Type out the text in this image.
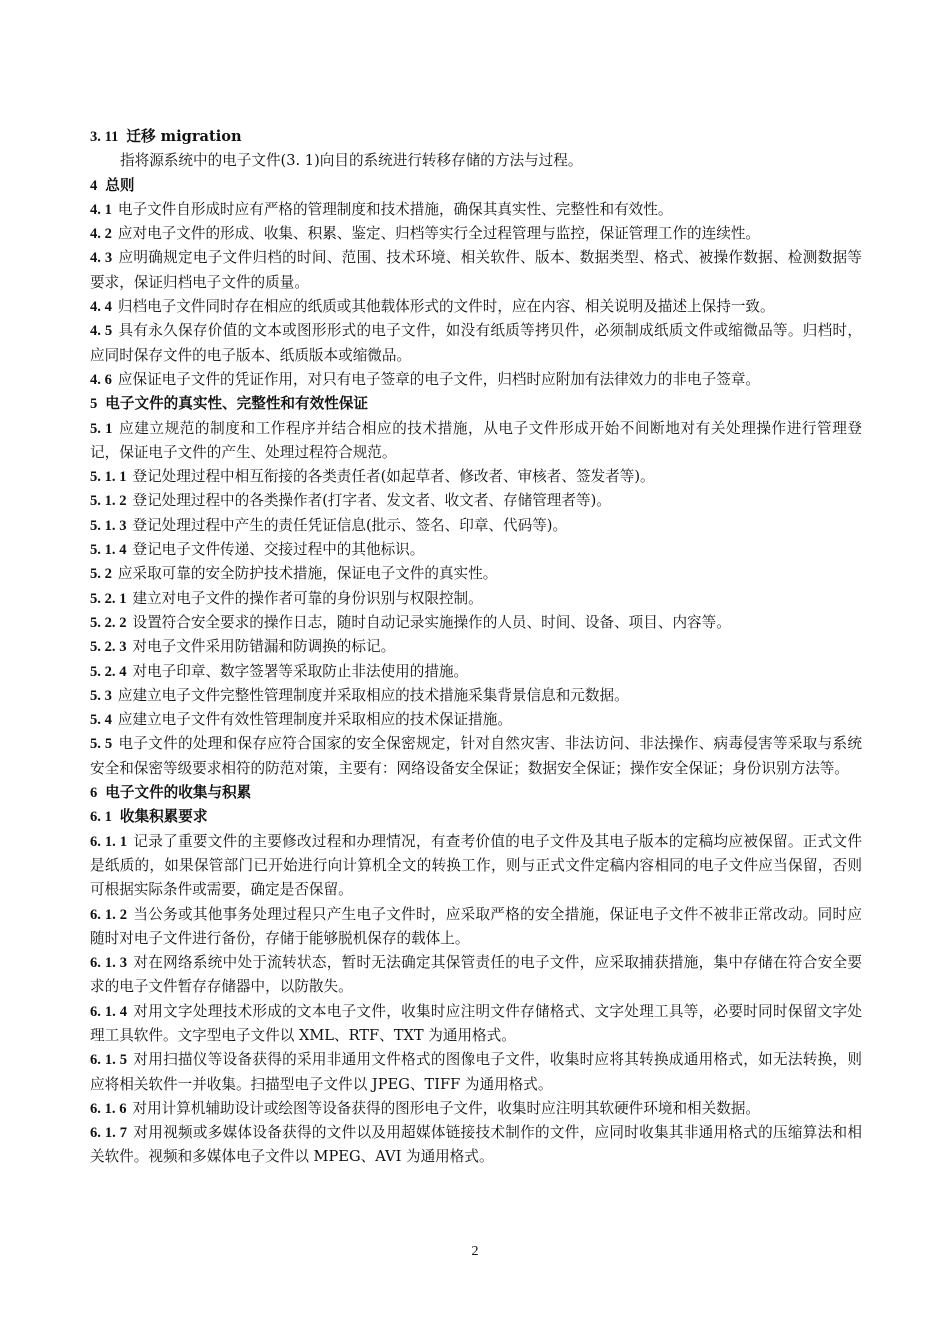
3. 11 迁移 migration

指将源系统中的电子文件(3. 1)向目的系统进行转移存储的方法与过程。

4 总则

4. 1 电子文件自形成时应有严格的管理制度和技术措施，确保其真实性、完整性和有效性。

4. 2 应对电子文件的形成、收集、积累、鉴定、归档等实行全过程管理与监控，保证管理工作的连续性。

4. 3 应明确规定电子文件归档的时间、范围、技术环境、相关软件、版本、数据类型、格式、被操作数据、检测数据等要求，保证归档电子文件的质量。

4. 4 归档电子文件同时存在相应的纸质或其他载体形式的文件时，应在内容、相关说明及描述上保持一致。

4. 5 具有永久保存价值的文本或图形形式的电子文件，如没有纸质等拷贝件，必须制成纸质文件或缩微品等。归档时，应同时保存文件的电子版本、纸质版本或缩微品。

4. 6 应保证电子文件的凭证作用，对只有电子签章的电子文件，归档时应附加有法律效力的非电子签章。

5 电子文件的真实性、完整性和有效性保证

5. 1 应建立规范的制度和工作程序并结合相应的技术措施，从电子文件形成开始不间断地对有关处理操作进行管理登记，保证电子文件的产生、处理过程符合规范。

5. 1. 1 登记处理过程中相互衔接的各类责任者(如起草者、修改者、审核者、签发者等)。

5. 1. 2 登记处理过程中的各类操作者(打字者、发文者、收文者、存储管理者等)。

5. 1. 3 登记处理过程中产生的责任凭证信息(批示、签名、印章、代码等)。

5. 1. 4 登记电子文件传递、交接过程中的其他标识。

5. 2 应采取可靠的安全防护技术措施，保证电子文件的真实性。

5. 2. 1 建立对电子文件的操作者可靠的身份识别与权限控制。

5. 2. 2 设置符合安全要求的操作日志，随时自动记录实施操作的人员、时间、设备、项目、内容等。

5. 2. 3 对电子文件采用防错漏和防调换的标记。

5. 2. 4 对电子印章、数字签署等采取防止非法使用的措施。

5. 3 应建立电子文件完整性管理制度并采取相应的技术措施采集背景信息和元数据。

5. 4 应建立电子文件有效性管理制度并采取相应的技术保证措施。

5. 5 电子文件的处理和保存应符合国家的安全保密规定，针对自然灾害、非法访问、非法操作、病毒侵害等采取与系统安全和保密等级要求相符的防范对策，主要有：网络设备安全保证；数据安全保证；操作安全保证；身份识别方法等。

6 电子文件的收集与积累

6. 1 收集积累要求

6. 1. 1 记录了重要文件的主要修改过程和办理情况，有查考价值的电子文件及其电子版本的定稿均应被保留。正式文件是纸质的，如果保管部门已开始进行向计算机全文的转换工作，则与正式文件定稿内容相同的电子文件应当保留，否则可根据实际条件或需要，确定是否保留。

6. 1. 2 当公务或其他事务处理过程只产生电子文件时，应采取严格的安全措施，保证电子文件不被非正常改动。同时应随时对电子文件进行备份，存储于能够脱机保存的载体上。

6. 1. 3 对在网络系统中处于流转状态，暂时无法确定其保管责任的电子文件，应采取捕获措施，集中存储在符合安全要求的电子文件暂存存储器中，以防散失。

6. 1. 4 对用文字处理技术形成的文本电子文件，收集时应注明文件存储格式、文字处理工具等，必要时同时保留文字处理工具软件。文字型电子文件以 XML、RTF、TXT 为通用格式。

6. 1. 5 对用扫描仪等设备获得的采用非通用文件格式的图像电子文件，收集时应将其转换成通用格式，如无法转换，则应将相关软件一并收集。扫描型电子文件以 JPEG、TIFF 为通用格式。

6. 1. 6 对用计算机辅助设计或绘图等设备获得的图形电子文件，收集时应注明其软硬件环境和相关数据。

6. 1. 7 对用视频或多媒体设备获得的文件以及用超媒体链接技术制作的文件，应同时收集其非通用格式的压缩算法和相关软件。视频和多媒体电子文件以 MPEG、AVI 为通用格式。

2
